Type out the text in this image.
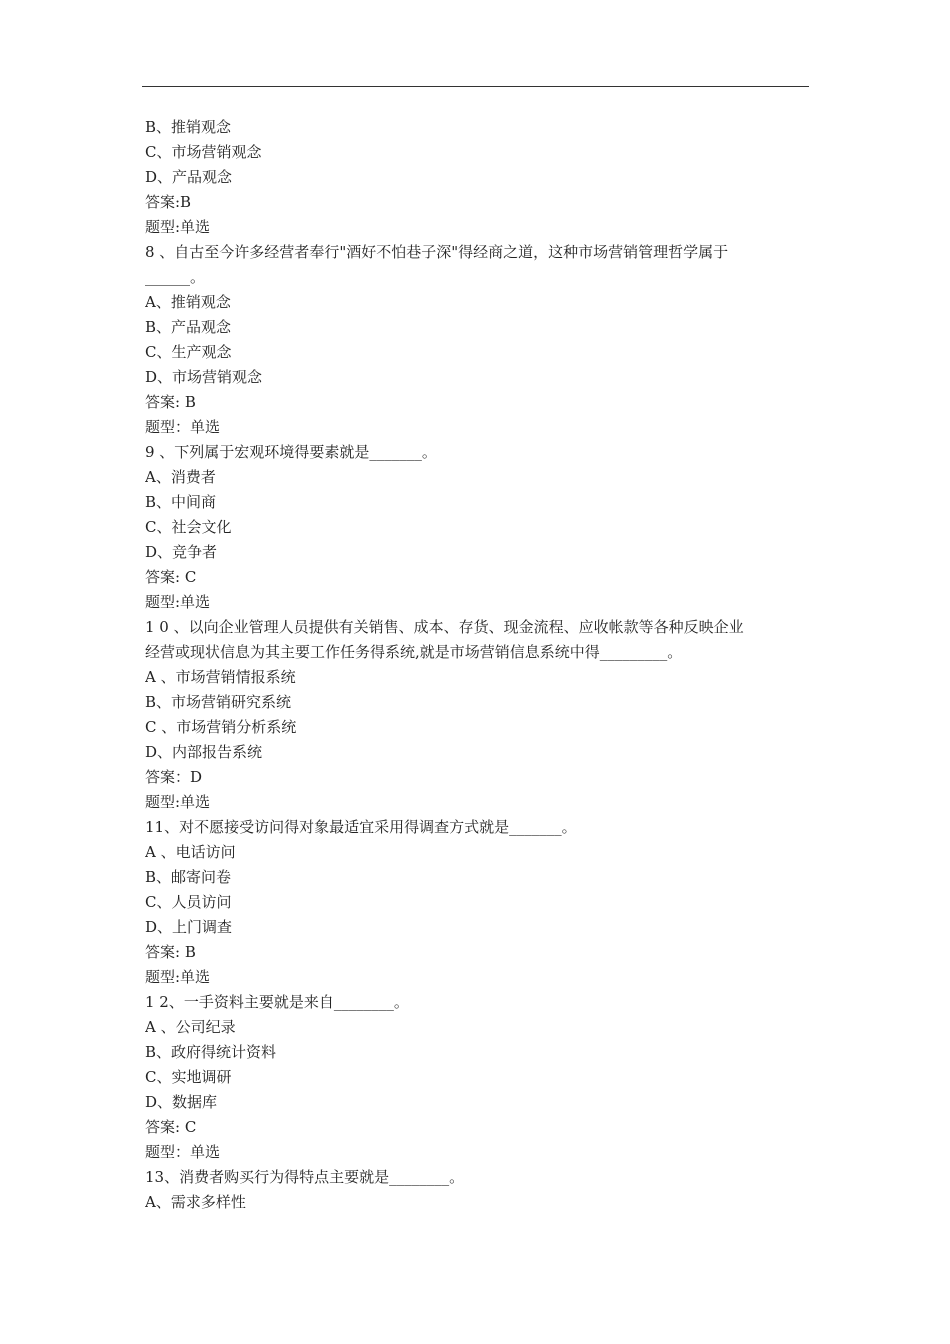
B、推销观念
C、市场营销观念
D、产品观念
答案:B
题型:单选
8 、自古至今许多经营者奉行"酒好不怕巷子深"得经商之道，这种市场营销管理哲学属于
______。
A、推销观念
B、产品观念
C、生产观念
D、市场营销观念
答案: B
题型：单选
9 、下列属于宏观环境得要素就是_______。
A、消费者
B、中间商
C、社会文化
D、竞争者
答案: C
题型:单选
1 0 、以向企业管理人员提供有关销售、成本、存货、现金流程、应收帐款等各种反映企业
经营或现状信息为其主要工作任务得系统,就是市场营销信息系统中得_________。
A 、市场营销情报系统
B、市场营销研究系统
C 、市场营销分析系统
D、内部报告系统
答案：D
题型:单选
11、对不愿接受访问得对象最适宜采用得调查方式就是_______。
A 、电话访问
B、邮寄问卷
C、人员访问
D、上门调查
答案: B
题型:单选
1 2、一手资料主要就是来自________。
A 、公司纪录
B、政府得统计资料
C、实地调研
D、数据库
答案: C
题型：单选
13、消费者购买行为得特点主要就是________。
A、需求多样性
